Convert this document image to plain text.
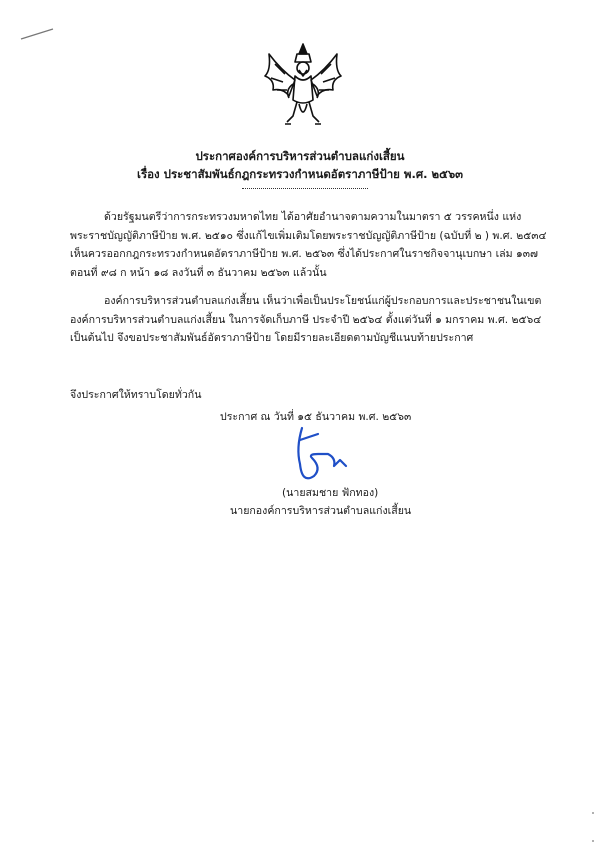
ประกาศองค์การบริหารส่วนตำบลแก่งเสี้ยน
เรื่อง ประชาสัมพันธ์กฎกระทรวงกำหนดอัตราภาษีป้าย พ.ศ. ๒๕๖๓
ด้วยรัฐมนตรีว่าการกระทรวงมหาดไทย ได้อาศัยอำนาจตามความในมาตรา ๕ วรรคหนึ่ง แห่ง
พระราชบัญญัติภาษีป้าย พ.ศ. ๒๕๑๐ ซึ่งแก้ไขเพิ่มเติมโดยพระราชบัญญัติภาษีป้าย (ฉบับที่ ๒ ) พ.ศ. ๒๕๓๔
เห็นควรออกกฎกระทรวงกำหนดอัตราภาษีป้าย พ.ศ. ๒๕๖๓ ซึ่งได้ประกาศในราชกิจจานุเบกษา เล่ม ๑๓๗
ตอนที่ ๙๘ ก หน้า ๑๘ ลงวันที่ ๓ ธันวาคม ๒๕๖๓ แล้วนั้น
องค์การบริหารส่วนตำบลแก่งเสี้ยน เห็นว่าเพื่อเป็นประโยชน์แก่ผู้ประกอบการและประชาชนในเขต
องค์การบริหารส่วนตำบลแก่งเสี้ยน ในการจัดเก็บภาษี ประจำปี ๒๕๖๔ ตั้งแต่วันที่ ๑ มกราคม พ.ศ. ๒๕๖๔
เป็นต้นไป จึงขอประชาสัมพันธ์อัตราภาษีป้าย โดยมีรายละเอียดตามบัญชีแนบท้ายประกาศ
จึงประกาศให้ทราบโดยทั่วกัน
ประกาศ ณ วันที่ ๑๕ ธันวาคม พ.ศ. ๒๕๖๓
(นายสมชาย ฟักทอง)
นายกองค์การบริหารส่วนตำบลแก่งเสี้ยน
